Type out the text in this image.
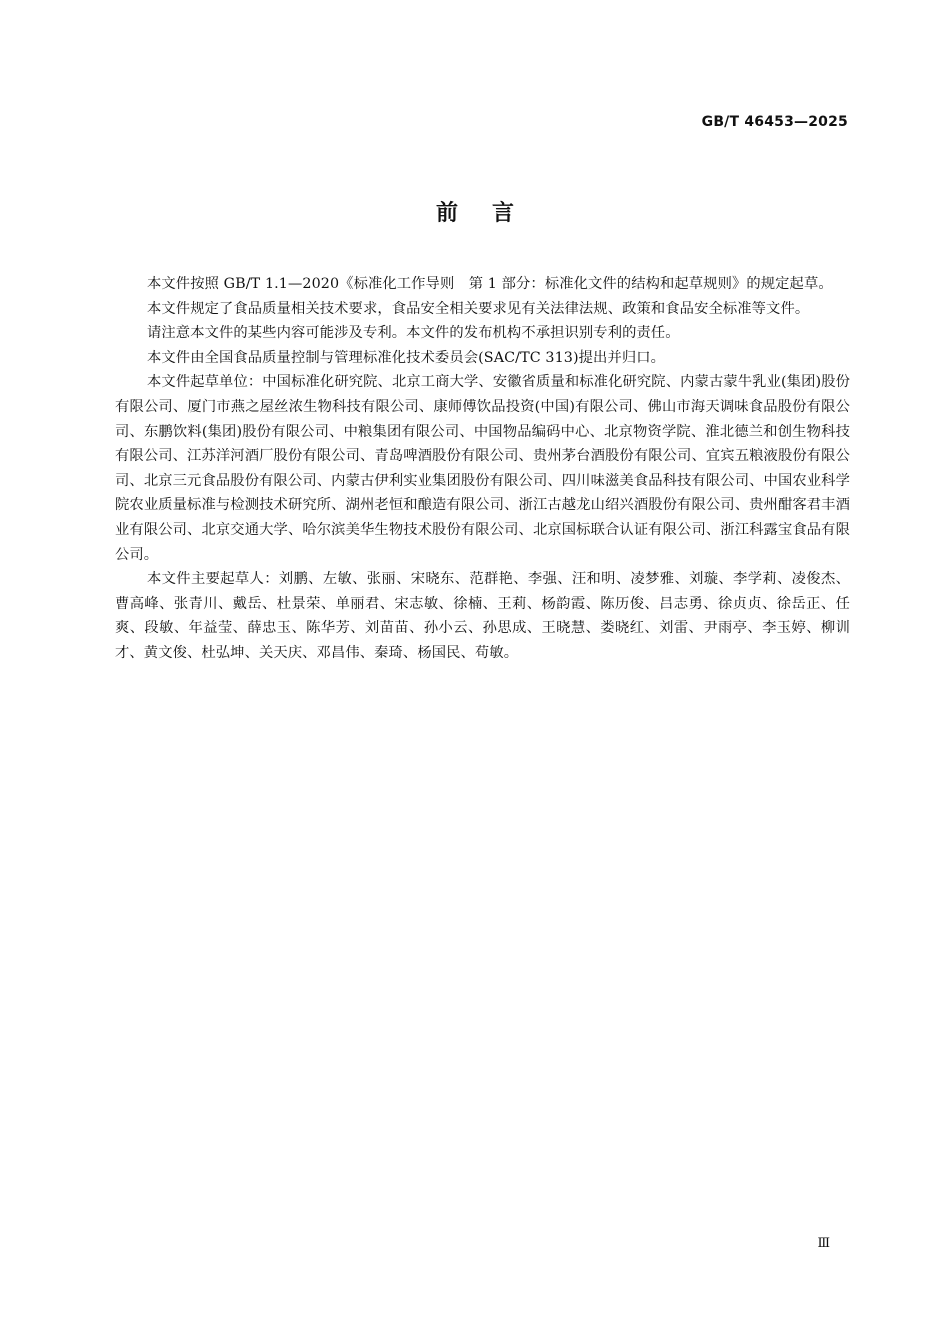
GB/T 46453—2025
前言

本文件按照 GB/T 1.1—2020《标准化工作导则　第 1 部分：标准化文件的结构和起草规则》的规定起草。

本文件规定了食品质量相关技术要求，食品安全相关要求见有关法律法规、政策和食品安全标准等文件。

请注意本文件的某些内容可能涉及专利。本文件的发布机构不承担识别专利的责任。

本文件由全国食品质量控制与管理标准化技术委员会(SAC/TC 313)提出并归口。

本文件起草单位：中国标准化研究院、北京工商大学、安徽省质量和标准化研究院、内蒙古蒙牛乳业(集团)股份有限公司、厦门市燕之屋丝浓生物科技有限公司、康师傅饮品投资(中国)有限公司、佛山市海天调味食品股份有限公司、东鹏饮料(集团)股份有限公司、中粮集团有限公司、中国物品编码中心、北京物资学院、淮北德兰和创生物科技有限公司、江苏洋河酒厂股份有限公司、青岛啤酒股份有限公司、贵州茅台酒股份有限公司、宜宾五粮液股份有限公司、北京三元食品股份有限公司、内蒙古伊利实业集团股份有限公司、四川味滋美食品科技有限公司、中国农业科学院农业质量标准与检测技术研究所、湖州老恒和酿造有限公司、浙江古越龙山绍兴酒股份有限公司、贵州酣客君丰酒业有限公司、北京交通大学、哈尔滨美华生物技术股份有限公司、北京国标联合认证有限公司、浙江科露宝食品有限公司。

本文件主要起草人：刘鹏、左敏、张丽、宋晓东、范群艳、李强、汪和明、凌梦雅、刘璇、李学莉、凌俊杰、曹高峰、张青川、戴岳、杜景荣、单丽君、宋志敏、徐楠、王莉、杨韵霞、陈历俊、吕志勇、徐贞贞、徐岳正、任爽、段敏、年益莹、薛忠玉、陈华芳、刘苗苗、孙小云、孙思成、王晓慧、娄晓红、刘雷、尹雨亭、李玉婷、柳训才、黄文俊、杜弘坤、关天庆、邓昌伟、秦琦、杨国民、苟敏。

Ⅲ
